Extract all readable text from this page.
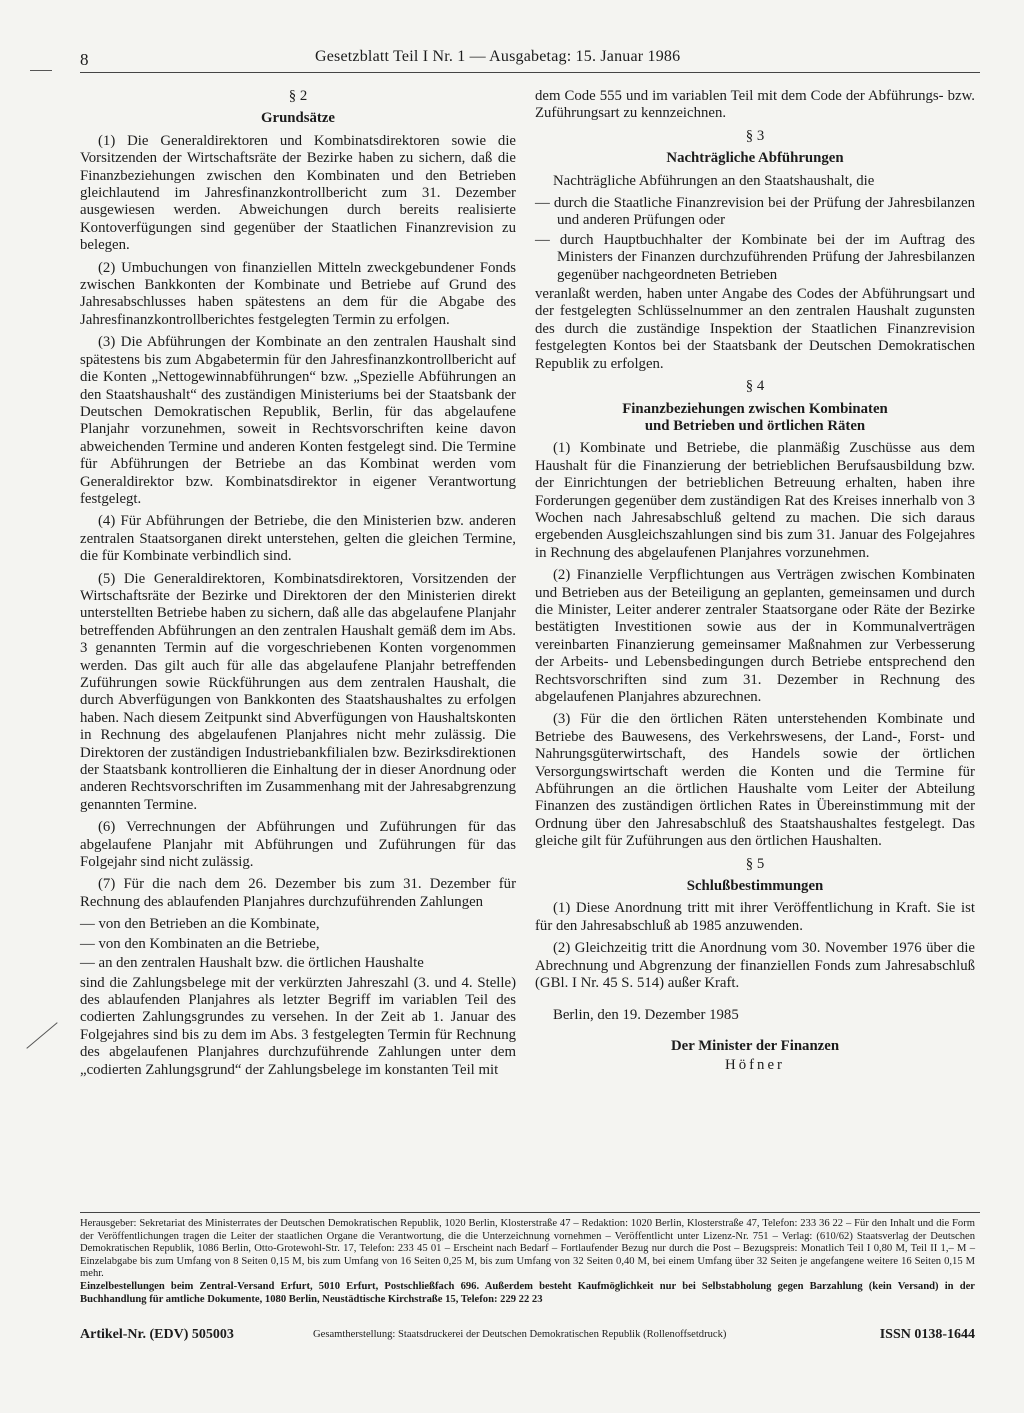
8	Gesetzblatt Teil I Nr. 1 — Ausgabetag: 15. Januar 1986

§ 2

Grundsätze

(1) Die Generaldirektoren und Kombinatsdirektoren sowie die Vorsitzenden der Wirtschaftsräte der Bezirke haben zu sichern, daß die Finanzbeziehungen zwischen den Kombinaten und den Betrieben gleichlautend im Jahresfinanzkontrollbericht zum 31. Dezember ausgewiesen werden. Abweichungen durch bereits realisierte Kontoverfügungen sind gegenüber der Staatlichen Finanzrevision zu belegen.

(2) Umbuchungen von finanziellen Mitteln zweckgebundener Fonds zwischen Bankkonten der Kombinate und Betriebe auf Grund des Jahresabschlusses haben spätestens an dem für die Abgabe des Jahresfinanzkontrollberichtes festgelegten Termin zu erfolgen.

(3) Die Abführungen der Kombinate an den zentralen Haushalt sind spätestens bis zum Abgabetermin für den Jahresfinanzkontrollbericht auf die Konten „Nettogewinnabführungen“ bzw. „Spezielle Abführungen an den Staatshaushalt“ des zuständigen Ministeriums bei der Staatsbank der Deutschen Demokratischen Republik, Berlin, für das abgelaufene Planjahr vorzunehmen, soweit in Rechtsvorschriften keine davon abweichenden Termine und anderen Konten festgelegt sind. Die Termine für Abführungen der Betriebe an das Kombinat werden vom Generaldirektor bzw. Kombinatsdirektor in eigener Verantwortung festgelegt.

(4) Für Abführungen der Betriebe, die den Ministerien bzw. anderen zentralen Staatsorganen direkt unterstehen, gelten die gleichen Termine, die für Kombinate verbindlich sind.

(5) Die Generaldirektoren, Kombinatsdirektoren, Vorsitzenden der Wirtschaftsräte der Bezirke und Direktoren der den Ministerien direkt unterstellten Betriebe haben zu sichern, daß alle das abgelaufene Planjahr betreffenden Abführungen an den zentralen Haushalt gemäß dem im Abs. 3 genannten Termin auf die vorgeschriebenen Konten vorgenommen werden. Das gilt auch für alle das abgelaufene Planjahr betreffenden Zuführungen sowie Rückführungen aus dem zentralen Haushalt, die durch Abverfügungen von Bankkonten des Staatshaushaltes zu erfolgen haben. Nach diesem Zeitpunkt sind Abverfügungen von Haushaltskonten in Rechnung des abgelaufenen Planjahres nicht mehr zulässig. Die Direktoren der zuständigen Industriebankfilialen bzw. Bezirksdirektionen der Staatsbank kontrollieren die Einhaltung der in dieser Anordnung oder anderen Rechtsvorschriften im Zusammenhang mit der Jahresabgrenzung genannten Termine.

(6) Verrechnungen der Abführungen und Zuführungen für das abgelaufene Planjahr mit Abführungen und Zuführungen für das Folgejahr sind nicht zulässig.

(7) Für die nach dem 26. Dezember bis zum 31. Dezember für Rechnung des ablaufenden Planjahres durchzuführenden Zahlungen

— von den Betrieben an die Kombinate,

— von den Kombinaten an die Betriebe,

— an den zentralen Haushalt bzw. die örtlichen Haushalte

sind die Zahlungsbelege mit der verkürzten Jahreszahl (3. und 4. Stelle) des ablaufenden Planjahres als letzter Begriff im variablen Teil des codierten Zahlungsgrundes zu versehen. In der Zeit ab 1. Januar des Folgejahres sind bis zu dem im Abs. 3 festgelegten Termin für Rechnung des abgelaufenen Planjahres durchzuführende Zahlungen unter dem „codierten Zahlungsgrund“ der Zahlungsbelege im konstanten Teil mit

dem Code 555 und im variablen Teil mit dem Code der Abführungs- bzw. Zuführungsart zu kennzeichnen.

§ 3

Nachträgliche Abführungen

Nachträgliche Abführungen an den Staatshaushalt, die

— durch die Staatliche Finanzrevision bei der Prüfung der Jahresbilanzen und anderen Prüfungen oder

— durch Hauptbuchhalter der Kombinate bei der im Auftrag des Ministers der Finanzen durchzuführenden Prüfung der Jahresbilanzen gegenüber nachgeordneten Betrieben

veranlaßt werden, haben unter Angabe des Codes der Abführungsart und der festgelegten Schlüsselnummer an den zentralen Haushalt zugunsten des durch die zuständige Inspektion der Staatlichen Finanzrevision festgelegten Kontos bei der Staatsbank der Deutschen Demokratischen Republik zu erfolgen.

§ 4

Finanzbeziehungen zwischen Kombinaten

und Betrieben und örtlichen Räten

(1) Kombinate und Betriebe, die planmäßig Zuschüsse aus dem Haushalt für die Finanzierung der betrieblichen Berufsausbildung bzw. der Einrichtungen der betrieblichen Betreuung erhalten, haben ihre Forderungen gegenüber dem zuständigen Rat des Kreises innerhalb von 3 Wochen nach Jahresabschluß geltend zu machen. Die sich daraus ergebenden Ausgleichszahlungen sind bis zum 31. Januar des Folgejahres in Rechnung des abgelaufenen Planjahres vorzunehmen.

(2) Finanzielle Verpflichtungen aus Verträgen zwischen Kombinaten und Betrieben aus der Beteiligung an geplanten, gemeinsamen und durch die Minister, Leiter anderer zentraler Staatsorgane oder Räte der Bezirke bestätigten Investitionen sowie aus der in Kommunalverträgen vereinbarten Finanzierung gemeinsamer Maßnahmen zur Verbesserung der Arbeits- und Lebensbedingungen durch Betriebe entsprechend den Rechtsvorschriften sind zum 31. Dezember in Rechnung des abgelaufenen Planjahres abzurechnen.

(3) Für die den örtlichen Räten unterstehenden Kombinate und Betriebe des Bauwesens, des Verkehrswesens, der Land-, Forst- und Nahrungsgüterwirtschaft, des Handels sowie der örtlichen Versorgungswirtschaft werden die Konten und die Termine für Abführungen an die örtlichen Haushalte vom Leiter der Abteilung Finanzen des zuständigen örtlichen Rates in Übereinstimmung mit der Ordnung über den Jahresabschluß des Staatshaushaltes festgelegt. Das gleiche gilt für Zuführungen aus den örtlichen Haushalten.

§ 5

Schlußbestimmungen

(1) Diese Anordnung tritt mit ihrer Veröffentlichung in Kraft. Sie ist für den Jahresabschluß ab 1985 anzuwenden.

(2) Gleichzeitig tritt die Anordnung vom 30. November 1976 über die Abrechnung und Abgrenzung der finanziellen Fonds zum Jahresabschluß (GBl. I Nr. 45 S. 514) außer Kraft.

Berlin, den 19. Dezember 1985

Der Minister der Finanzen

Höfner

Herausgeber: Sekretariat des Ministerrates der Deutschen Demokratischen Republik, 1020 Berlin, Klosterstraße 47 – Redaktion: 1020 Berlin, Klosterstraße 47, Telefon: 233 36 22 – Für den Inhalt und die Form der Veröffentlichungen tragen die Leiter der staatlichen Organe die Verantwortung, die die Unterzeichnung vornehmen – Veröffentlicht unter Lizenz-Nr. 751 – Verlag: (610/62) Staatsverlag der Deutschen Demokratischen Republik, 1086 Berlin, Otto-Grotewohl-Str. 17, Telefon: 233 45 01 – Erscheint nach Bedarf – Fortlaufender Bezug nur durch die Post – Bezugspreis: Monatlich Teil I 0,80 M, Teil II 1,– M – Einzelabgabe bis zum Umfang von 8 Seiten 0,15 M, bis zum Umfang von 16 Seiten 0,25 M, bis zum Umfang von 32 Seiten 0,40 M, bei einem Umfang über 32 Seiten je angefangene weitere 16 Seiten 0,15 M mehr.

Einzelbestellungen beim Zentral-Versand Erfurt, 5010 Erfurt, Postschließfach 696. Außerdem besteht Kaufmöglichkeit nur bei Selbstabholung gegen Barzahlung (kein Versand) in der Buchhandlung für amtliche Dokumente, 1080 Berlin, Neustädtische Kirchstraße 15, Telefon: 229 22 23

Artikel-Nr. (EDV) 505003	Gesamtherstellung: Staatsdruckerei der Deutschen Demokratischen Republik (Rollenoffsetdruck)	ISSN 0138-1644
